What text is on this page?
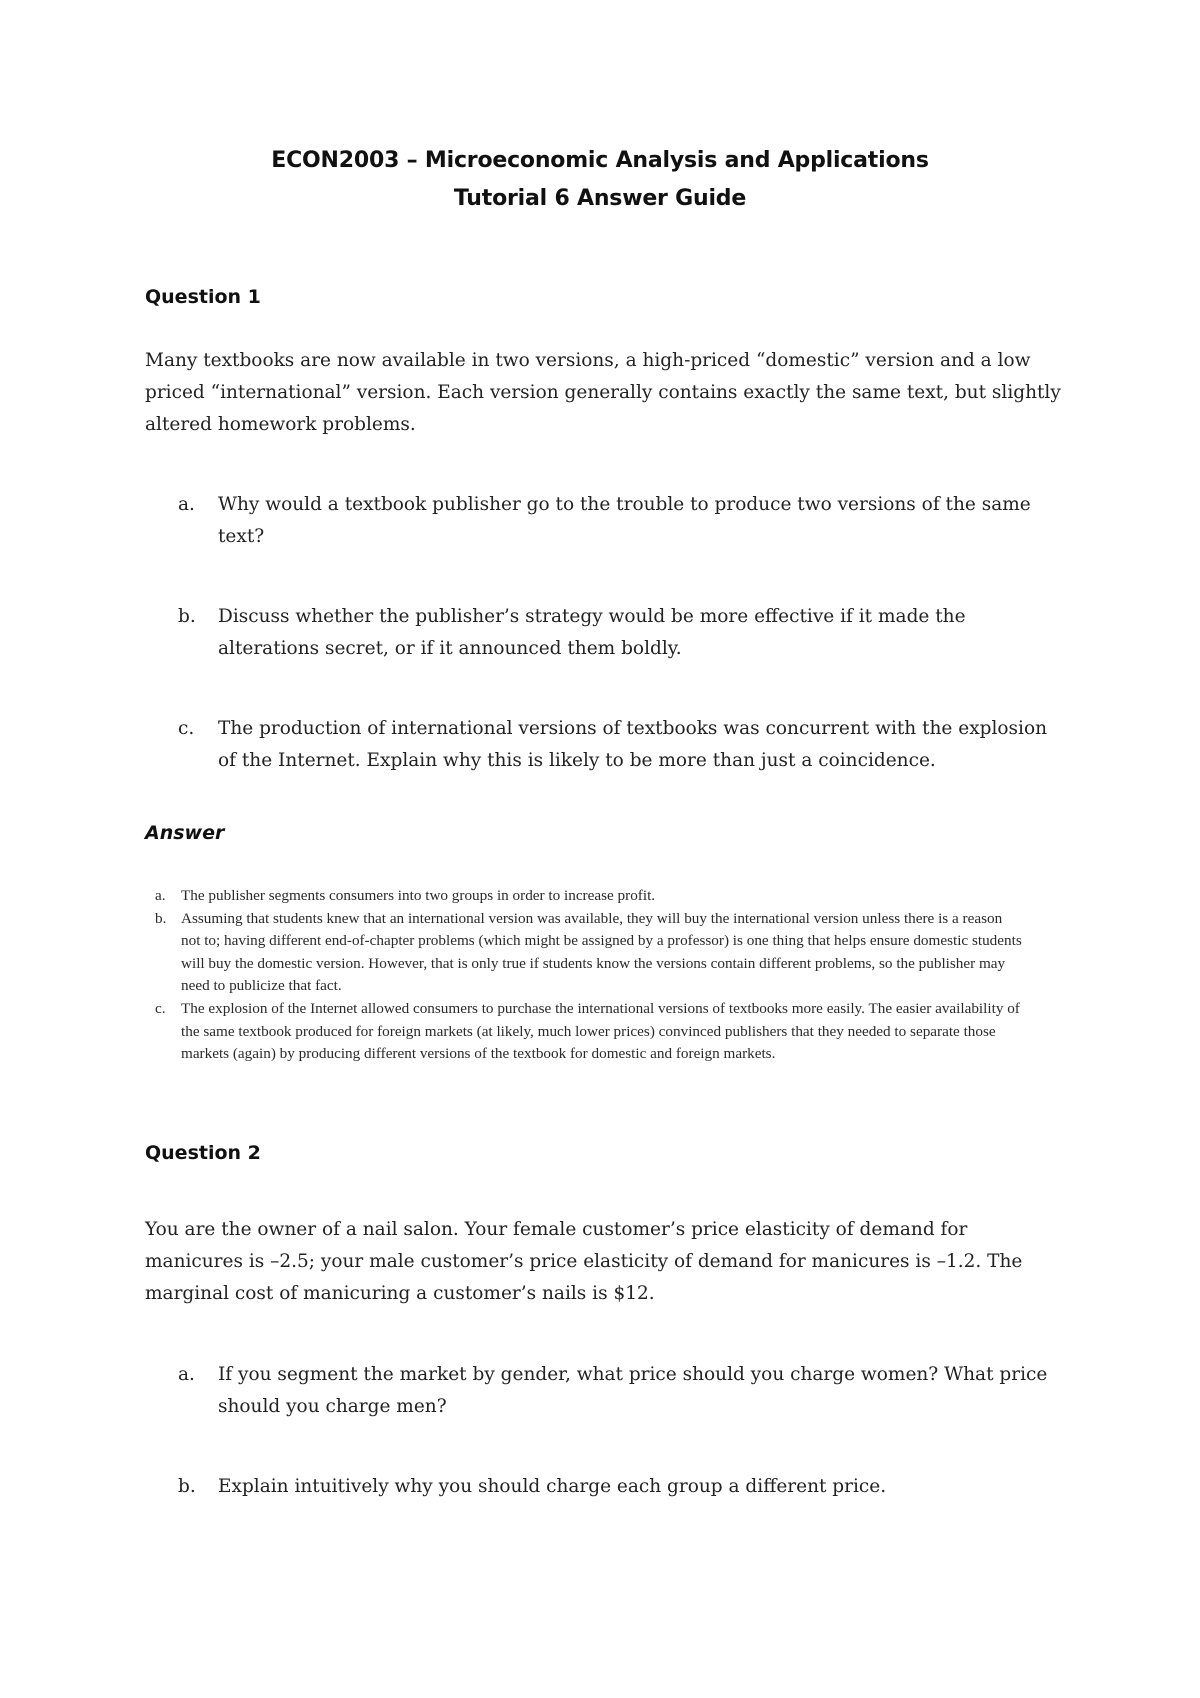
ECON2003 – Microeconomic Analysis and Applications
Tutorial 6 Answer Guide
Question 1

Many textbooks are now available in two versions, a high-priced “domestic” version and a low priced “international” version. Each version generally contains exactly the same text, but slightly altered homework problems.

a. Why would a textbook publisher go to the trouble to produce two versions of the same text?
b. Discuss whether the publisher’s strategy would be more effective if it made the alterations secret, or if it announced them boldly.
c. The production of international versions of textbooks was concurrent with the explosion of the Internet. Explain why this is likely to be more than just a coincidence.
Answer
a. The publisher segments consumers into two groups in order to increase profit.
b. Assuming that students knew that an international version was available, they will buy the international version unless there is a reason not to; having different end-of-chapter problems (which might be assigned by a professor) is one thing that helps ensure domestic students will buy the domestic version. However, that is only true if students know the versions contain different problems, so the publisher may need to publicize that fact.
c. The explosion of the Internet allowed consumers to purchase the international versions of textbooks more easily. The easier availability of the same textbook produced for foreign markets (at likely, much lower prices) convinced publishers that they needed to separate those markets (again) by producing different versions of the textbook for domestic and foreign markets.
Question 2

You are the owner of a nail salon. Your female customer’s price elasticity of demand for manicures is –2.5; your male customer’s price elasticity of demand for manicures is –1.2. The marginal cost of manicuring a customer’s nails is $12.

a. If you segment the market by gender, what price should you charge women? What price should you charge men?
b. Explain intuitively why you should charge each group a different price.
